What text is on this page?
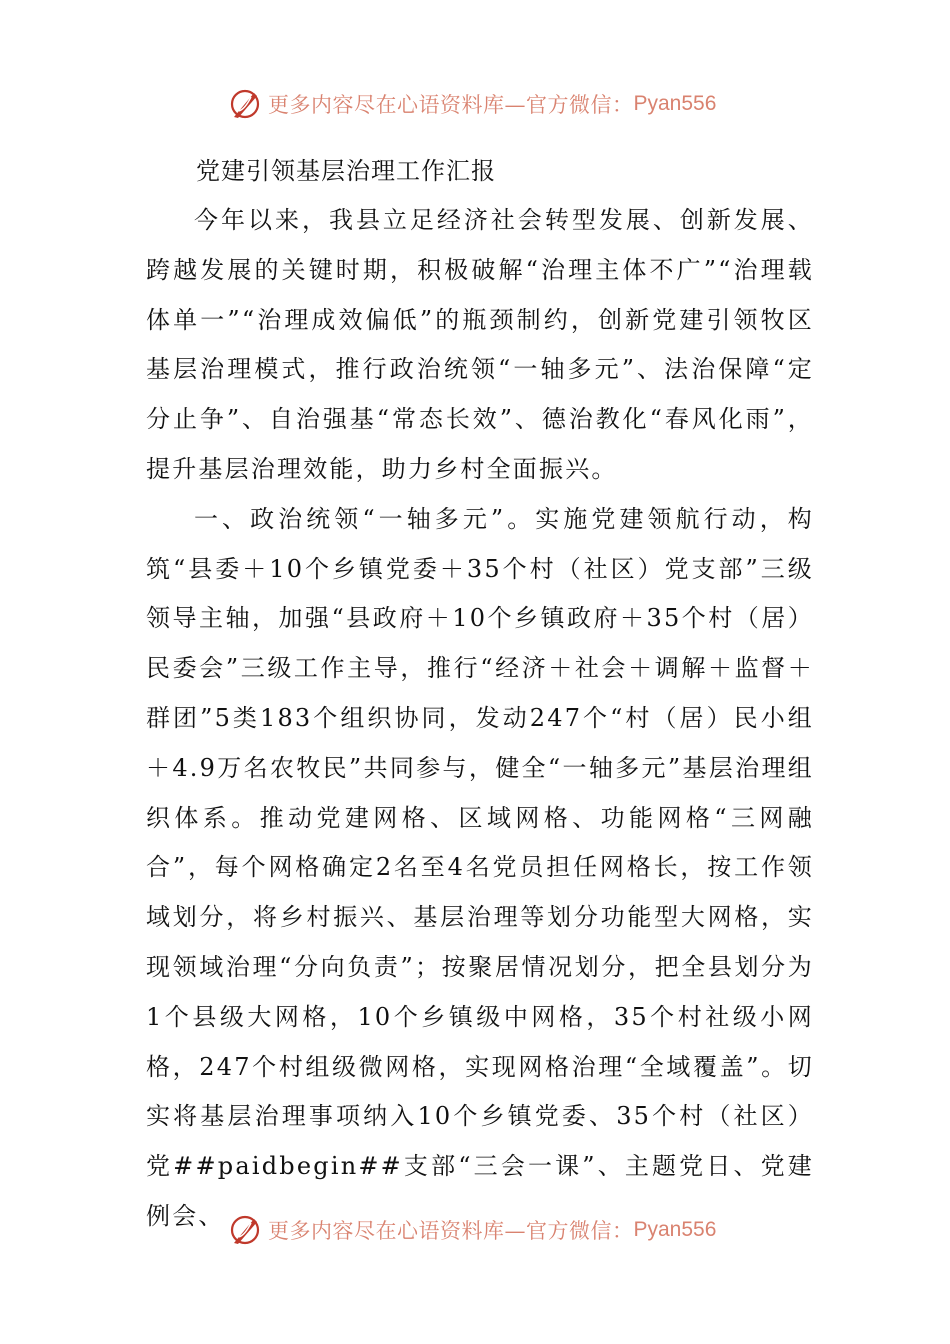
更多内容尽在心语资料库—官方微信： Pyan556
党建引领基层治理工作汇报

今年以来，我县立足经济社会转型发展、创新发展、跨越发展的关键时期，积极破解“治理主体不广”“治理载体单一”“治理成效偏低”的瓶颈制约，创新党建引领牧区基层治理模式，推行政治统领“一轴多元”、法治保障“定分止争”、自治强基“常态长效”、德治教化“春风化雨”，提升基层治理效能，助力乡村全面振兴。

一、政治统领“一轴多元”。实施党建领航行动，构筑“县委＋10个乡镇党委＋35个村（社区）党支部”三级领导主轴，加强“县政府＋10个乡镇政府＋35个村（居）民委会”三级工作主导，推行“经济＋社会＋调解＋监督＋群团”5类183个组织协同，发动247个“村（居）民小组＋4.9万名农牧民”共同参与，健全“一轴多元”基层治理组织体系。推动党建网格、区域网格、功能网格“三网融合”，每个网格确定2名至4名党员担任网格长，按工作领域划分，将乡村振兴、基层治理等划分功能型大网格，实现领域治理“分向负责”；按聚居情况划分，把全县划分为1个县级大网格，10个乡镇级中网格，35个村社级小网格，247个村组级微网格，实现网格治理“全域覆盖”。切实将基层治理事项纳入10个乡镇党委、35个村（社区）党##paidbegin##支部“三会一课”、主题党日、党建例会、

更多内容尽在心语资料库—官方微信： Pyan556
